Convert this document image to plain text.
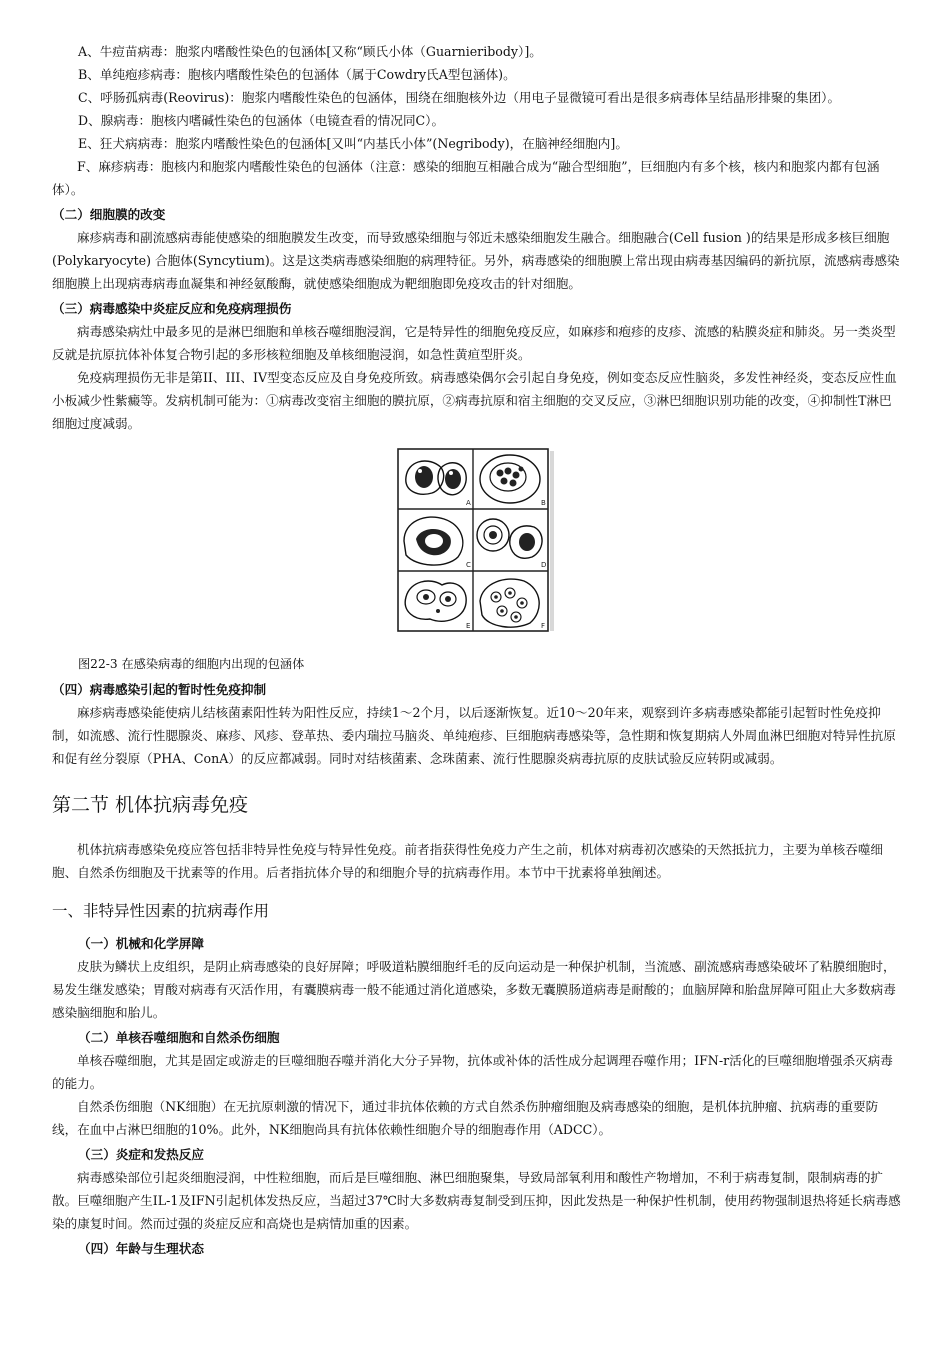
A、牛痘苗病毒：胞浆内嗜酸性染色的包涵体[又称“顾氏小体（Guarnieribody）]。

B、单纯疱疹病毒：胞核内嗜酸性染色的包涵体（属于Cowdry氏A型包涵体)。

C、呼肠孤病毒(Reovirus)：胞浆内嗜酸性染色的包涵体，围绕在细胞核外边（用电子显微镜可看出是很多病毒体呈结晶形排聚的集团）。

D、腺病毒：胞核内嗜碱性染色的包涵体（电镜查看的情况同C）。

E、狂犬病病毒：胞浆内嗜酸性染色的包涵体[又叫“内基氏小体”(Negribody)，在脑神经细胞内]。

F、麻疹病毒：胞核内和胞浆内嗜酸性染色的包涵体（注意：感染的细胞互相融合成为“融合型细胞”，巨细胞内有多个核，核内和胞浆内都有包涵体）。

（二）细胞膜的改变

麻疹病毒和副流感病毒能使感染的细胞膜发生改变，而导致感染细胞与邻近未感染细胞发生融合。细胞融合(Cell fusion )的结果是形成多核巨细胞(Polykaryocyte) 合胞体(Syncytium)。这是这类病毒感染细胞的病理特征。另外，病毒感染的细胞膜上常出现由病毒基因编码的新抗原，流感病毒感染细胞膜上出现病毒病毒血凝集和神经氨酸酶，就使感染细胞成为靶细胞即免疫攻击的针对细胞。

（三）病毒感染中炎症反应和免疫病理损伤

病毒感染病灶中最多见的是淋巴细胞和单核吞噬细胞浸润，它是特异性的细胞免疫反应，如麻疹和疱疹的皮疹、流感的粘膜炎症和肺炎。另一类炎型反就是抗原抗体补体复合物引起的多形核粒细胞及单核细胞浸润，如急性黄疸型肝炎。

免疫病理损伤无非是第II、III、IV型变态反应及自身免疫所致。病毒感染偶尔会引起自身免疫，例如变态反应性脑炎，多发性神经炎，变态反应性血小板减少性紫癜等。发病机制可能为：①病毒改变宿主细胞的膜抗原，②病毒抗原和宿主细胞的交叉反应，③淋巴细胞识别功能的改变，④抑制性T淋巴细胞过度减弱。

A	B
C	D
E	F

图22-3 在感染病毒的细胞内出现的包涵体

（四）病毒感染引起的暂时性免疫抑制

麻疹病毒感染能使病儿结核菌素阳性转为阳性反应，持续1～2个月，以后逐渐恢复。近10～20年来，观察到许多病毒感染都能引起暂时性免疫抑制，如流感、流行性腮腺炎、麻疹、风疹、登革热、委内瑞拉马脑炎、单纯疱疹、巨细胞病毒感染等，急性期和恢复期病人外周血淋巴细胞对特异性抗原和促有丝分裂原（PHA、ConA）的反应都减弱。同时对结核菌素、念珠菌素、流行性腮腺炎病毒抗原的皮肤试验反应转阴或减弱。

第二节 机体抗病毒免疫

机体抗病毒感染免疫应答包括非特异性免疫与特异性免疫。前者指获得性免疫力产生之前，机体对病毒初次感染的天然抵抗力，主要为单核吞噬细胞、自然杀伤细胞及干扰素等的作用。后者指抗体介导的和细胞介导的抗病毒作用。本节中干扰素将单独阐述。

一、非特异性因素的抗病毒作用

（一）机械和化学屏障

皮肤为鳞状上皮组织，是阴止病毒感染的良好屏障；呼吸道粘膜细胞纤毛的反向运动是一种保护机制，当流感、副流感病毒感染破坏了粘膜细胞时，易发生继发感染；胃酸对病毒有灭活作用，有囊膜病毒一般不能通过消化道感染，多数无囊膜肠道病毒是耐酸的；血脑屏障和胎盘屏障可阻止大多数病毒感染脑细胞和胎儿。

（二）单核吞噬细胞和自然杀伤细胞

单核吞噬细胞，尤其是固定或游走的巨噬细胞吞噬并消化大分子异物，抗体或补体的活性成分起调理吞噬作用；IFN-r活化的巨噬细胞增强杀灭病毒的能力。

自然杀伤细胞（NK细胞）在无抗原刺激的情况下，通过非抗体依赖的方式自然杀伤肿瘤细胞及病毒感染的细胞，是机体抗肿瘤、抗病毒的重要防线，在血中占淋巴细胞的10%。此外，NK细胞尚具有抗体依赖性细胞介导的细胞毒作用（ADCC）。

（三）炎症和发热反应

病毒感染部位引起炎细胞浸润，中性粒细胞，而后是巨噬细胞、淋巴细胞聚集，导致局部氧利用和酸性产物增加，不利于病毒复制，限制病毒的扩散。巨噬细胞产生IL-1及IFN引起机体发热反应，当超过37℃时大多数病毒复制受到压抑，因此发热是一种保护性机制，使用药物强制退热将延长病毒感染的康复时间。然而过强的炎症反应和高烧也是病情加重的因素。

（四）年龄与生理状态
